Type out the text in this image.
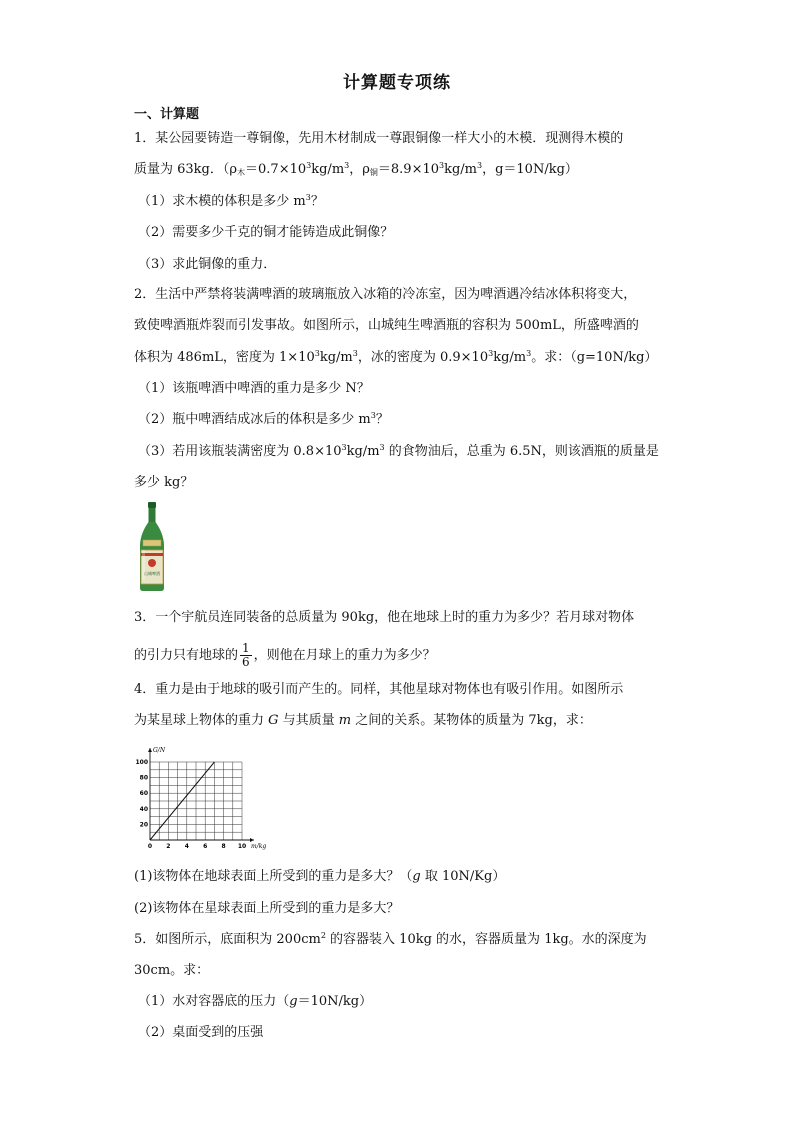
计算题专项练
一、计算题
1．某公园要铸造一尊铜像，先用木材制成一尊跟铜像一样大小的木模．现测得木模的
质量为 63kg．（$\rho_木=0.7\times 10^3kg/m^3$，$\rho_铜=8.9\times 10^3kg/m^3$，g＝10N/kg）
（1）求木模的体积是多少 $m^3$？
（2）需要多少千克的铜才能铸造成此铜像？
（3）求此铜像的重力．
2．生活中严禁将装满啤酒的玻璃瓶放入冰箱的冷冻室，因为啤酒遇冷结冰体积将变大，
致使啤酒瓶炸裂而引发事故。如图所示，山城纯生啤酒瓶的容积为 500mL，所盛啤酒的
体积为 486mL，密度为 $1\times 10^3kg/m^3$，冰的密度为 $0.9\times 10^3kg/m^3$。求：（g=10N/kg）
（1）该瓶啤酒中啤酒的重力是多少 N？
（2）瓶中啤酒结成冰后的体积是多少 $m^3$？
（3）若用该瓶装满密度为 $0.8\times 10^3kg/m^3$ 的食物油后，总重为 6.5N，则该酒瓶的质量是
多少 kg？
山城啤酒
3．一个宇航员连同装备的总质量为 90kg，他在地球上时的重力为多少？若月球对物体
的引力只有地球的 $\frac{1}{6}$ ，则他在月球上的重力为多少？
4．重力是由于地球的吸引而产生的。同样，其他星球对物体也有吸引作用。如图所示
为某星球上物体的重力 G 与其质量 m 之间的关系。某物体的质量为 7kg，求：
0 2 4 6 8 10
20
40
60
80
100
G/N
m/kg
(1)该物体在地球表面上所受到的重力是多大？（g 取 10N/Kg）
(2)该物体在星球表面上所受到的重力是多大？
5．如图所示，底面积为 $200cm^2$ 的容器装入 10kg 的水，容器质量为 1kg。水的深度为
30cm。求：
（1）水对容器底的压力（g＝10N/kg）
（2）桌面受到的压强
